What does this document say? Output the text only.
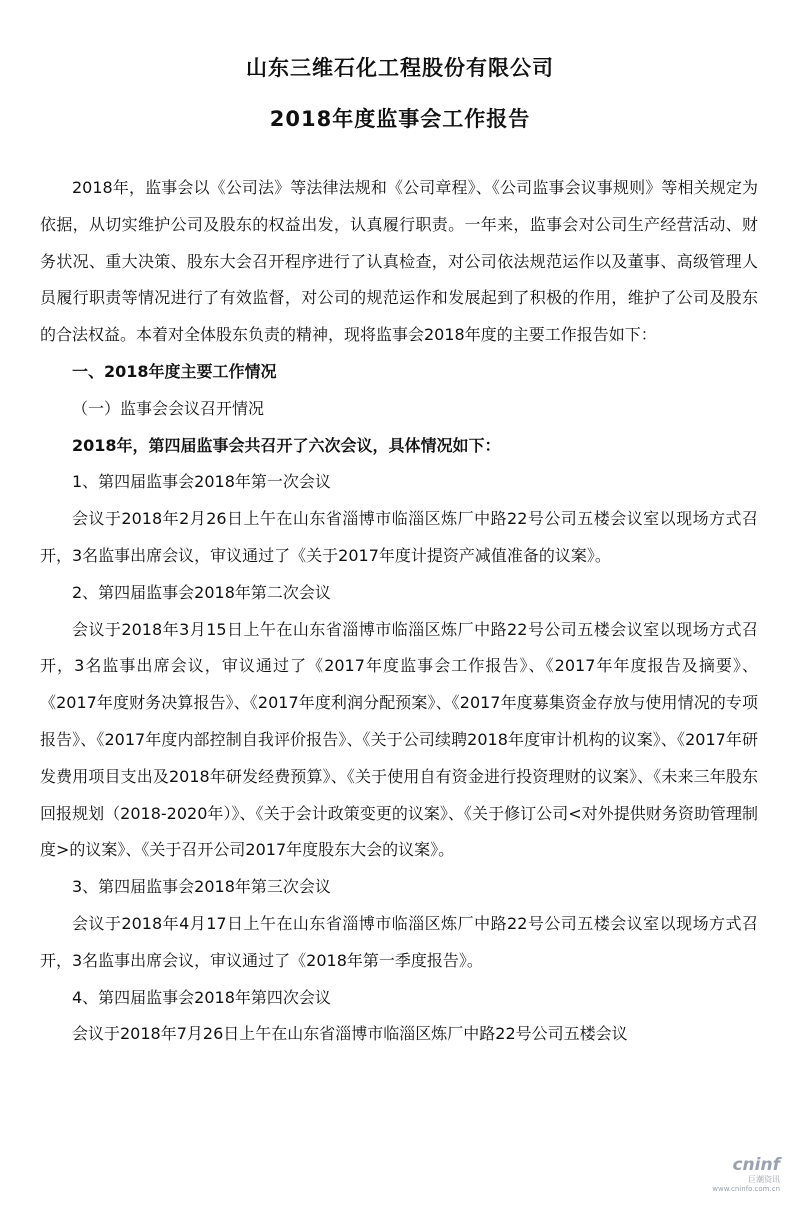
山东三维石化工程股份有限公司
2018年度监事会工作报告

2018年，监事会以《公司法》等法律法规和《公司章程》、《公司监事会议事规则》等相关规定为依据，从切实维护公司及股东的权益出发，认真履行职责。一年来，监事会对公司生产经营活动、财务状况、重大决策、股东大会召开程序进行了认真检查，对公司依法规范运作以及董事、高级管理人员履行职责等情况进行了有效监督，对公司的规范运作和发展起到了积极的作用，维护了公司及股东的合法权益。本着对全体股东负责的精神，现将监事会2018年度的主要工作报告如下：

一、2018年度主要工作情况

（一）监事会会议召开情况

2018年，第四届监事会共召开了六次会议，具体情况如下：

1、第四届监事会2018年第一次会议

会议于2018年2月26日上午在山东省淄博市临淄区炼厂中路22号公司五楼会议室以现场方式召开，3名监事出席会议，审议通过了《关于2017年度计提资产减值准备的议案》。

2、第四届监事会2018年第二次会议

会议于2018年3月15日上午在山东省淄博市临淄区炼厂中路22号公司五楼会议室以现场方式召开，3名监事出席会议，审议通过了《2017年度监事会工作报告》、《2017年年度报告及摘要》、《2017年度财务决算报告》、《2017年度利润分配预案》、《2017年度募集资金存放与使用情况的专项报告》、《2017年度内部控制自我评价报告》、《关于公司续聘2018年度审计机构的议案》、《2017年研发费用项目支出及2018年研发经费预算》、《关于使用自有资金进行投资理财的议案》、《未来三年股东回报规划（2018-2020年）》、《关于会计政策变更的议案》、《关于修订公司<对外提供财务资助管理制度>的议案》、《关于召开公司2017年度股东大会的议案》。

3、第四届监事会2018年第三次会议

会议于2018年4月17日上午在山东省淄博市临淄区炼厂中路22号公司五楼会议室以现场方式召开，3名监事出席会议，审议通过了《2018年第一季度报告》。

4、第四届监事会2018年第四次会议

会议于2018年7月26日上午在山东省淄博市临淄区炼厂中路22号公司五楼会议

cninf
巨潮资讯
www.cninfo.com.cn
